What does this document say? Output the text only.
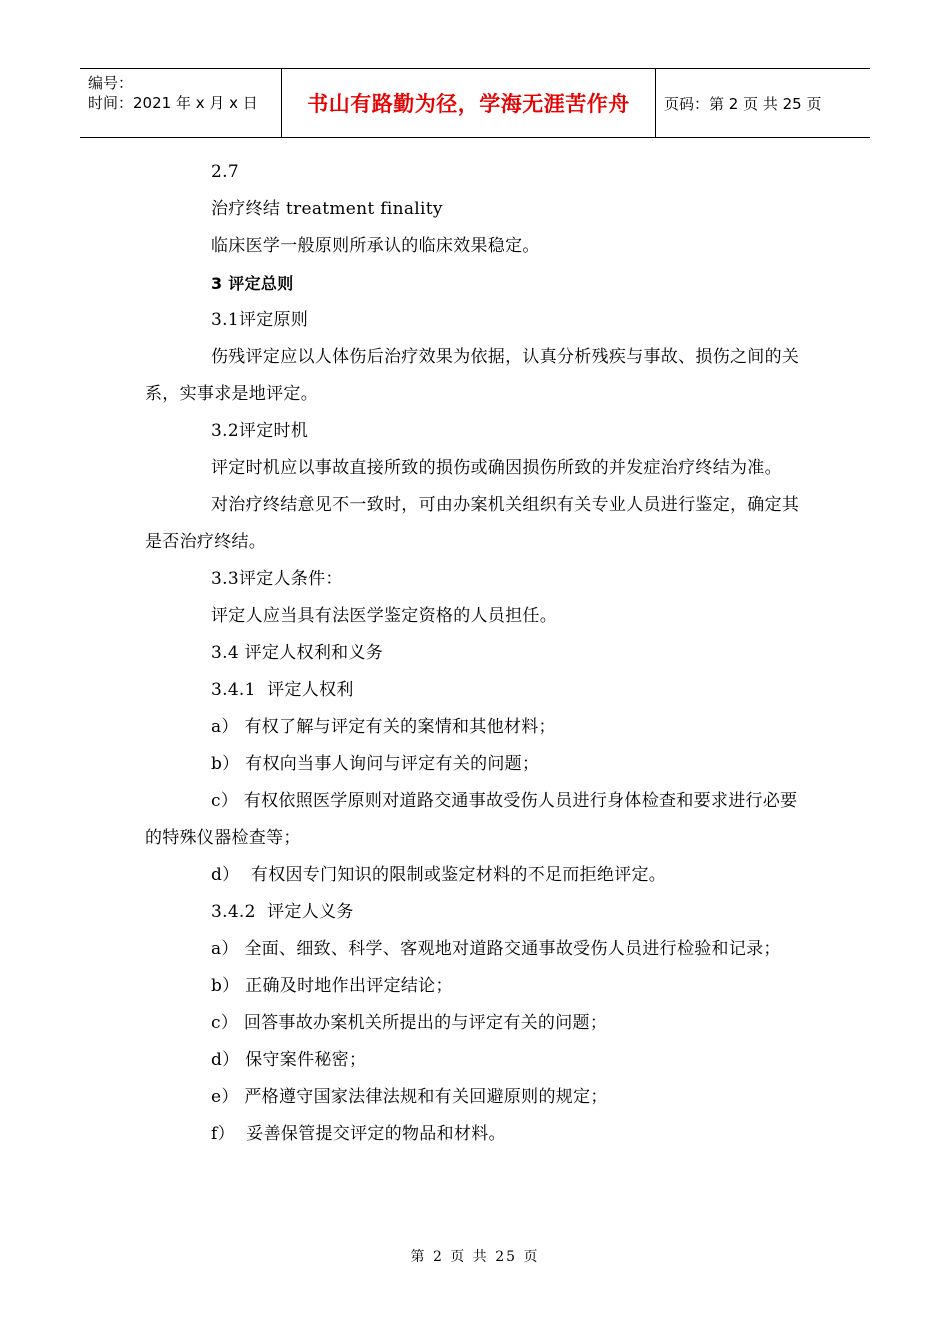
编号：
时间：2021 年 x 月 x 日	书山有路勤为径，学海无涯苦作舟	页码：第 2 页 共 25 页

2.7

治疗终结 treatment finality

临床医学一般原则所承认的临床效果稳定。

3 评定总则

3.1评定原则

伤残评定应以人体伤后治疗效果为依据，认真分析残疾与事故、损伤之间的关系，实事求是地评定。

3.2评定时机

评定时机应以事故直接所致的损伤或确因损伤所致的并发症治疗终结为准。

对治疗终结意见不一致时，可由办案机关组织有关专业人员进行鉴定，确定其是否治疗终结。

3.3评定人条件：

评定人应当具有法医学鉴定资格的人员担任。

3.4 评定人权利和义务

3.4.1  评定人权利

a） 有权了解与评定有关的案情和其他材料；

b） 有权向当事人询问与评定有关的问题；

c） 有权依照医学原则对道路交通事故受伤人员进行身体检查和要求进行必要的特殊仪器检查等；

d）  有权因专门知识的限制或鉴定材料的不足而拒绝评定。

3.4.2  评定人义务

a） 全面、细致、科学、客观地对道路交通事故受伤人员进行检验和记录；

b） 正确及时地作出评定结论；

c） 回答事故办案机关所提出的与评定有关的问题；

d） 保守案件秘密；

e） 严格遵守国家法律法规和有关回避原则的规定；

f）  妥善保管提交评定的物品和材料。

第 2 页 共 25 页
